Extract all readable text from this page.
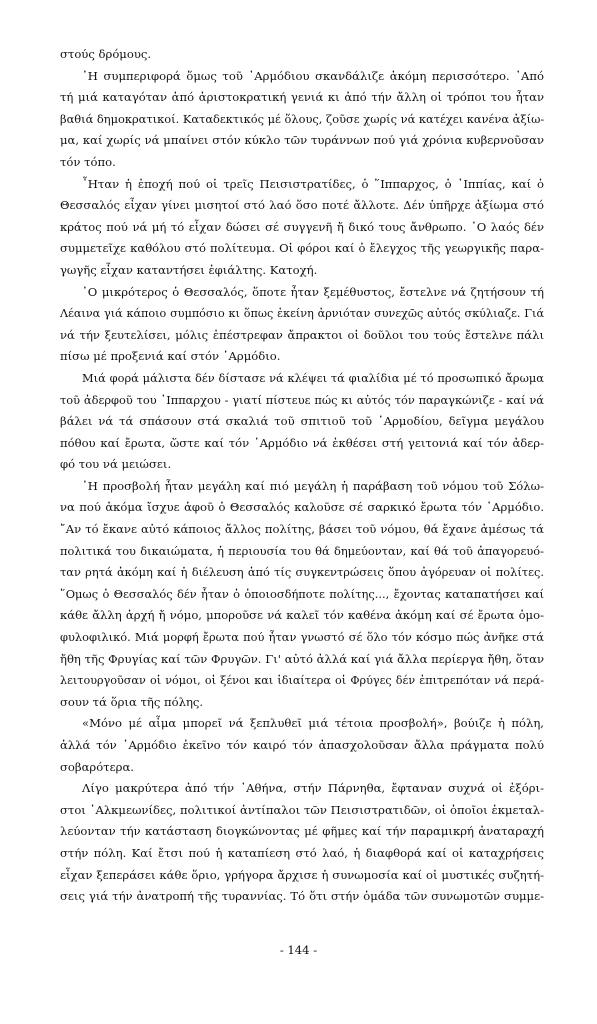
στούς δρόμους.
῾Η συμπεριφορά ὅμως τοῦ ῾Αρμόδιου σκανδάλιζε ἀκόμη περισσότερο. ᾿Από
τή μιά καταγόταν ἀπό ἀριστοκρατική γενιά κι ἀπό τήν ἄλλη οἱ τρόποι του ἦταν
βαθιά δημοκρατικοί. Καταδεκτικός μέ ὅλους, ζοῦσε χωρίς νά κατέχει κανένα ἀξίω-
μα, καί χωρίς νά μπαίνει στόν κύκλο τῶν τυράννων πού γιά χρόνια κυβερνοῦσαν
τόν τόπο.
῏Ηταν ἡ ἐποχή πού οἱ τρεῖς Πεισιστρατίδες, ὁ ῞Ιππαρχος, ὁ ῾Ιππίας, καί ὁ
Θεσσαλός εἶχαν γίνει μισητοί στό λαό ὅσο ποτέ ἄλλοτε. Δέν ὑπῆρχε ἀξίωμα στό
κράτος πού νά μή τό εἶχαν δώσει σέ συγγενῆ ἤ δικό τους ἄνθρωπο. ῾Ο λαός δέν
συμμετεῖχε καθόλου στό πολίτευμα. Οἱ φόροι καί ὁ ἔλεγχος τῆς γεωργικῆς παρα-
γωγῆς εἶχαν καταντήσει ἐφιάλτης. Κατοχή.
῾Ο μικρότερος ὁ Θεσσαλός, ὅποτε ἦταν ξεμέθυστος, ἔστελνε νά ζητήσουν τή
Λέαινα γιά κάποιο συμπόσιο κι ὅπως ἐκείνη ἀρνιόταν συνεχῶς αὐτός σκύλιαζε. Γιά
νά τήν ξευτελίσει, μόλις ἐπέστρεφαν ἄπρακτοι οἱ δοῦλοι του τούς ἔστελνε πάλι
πίσω μέ προξενιά καί στόν ῾Αρμόδιο.
Μιά φορά μάλιστα δέν δίστασε νά κλέψει τά φιαλίδια μέ τό προσωπικό ἄρωμα
τοῦ ἀδερφοῦ του ῾Ιππαρχου - γιατί πίστευε πώς κι αὐτός τόν παραγκώνιζε - καί νά
βάλει νά τά σπάσουν στά σκαλιά τοῦ σπιτιοῦ τοῦ ῾Αρμοδίου, δεῖγμα μεγάλου
πόθου καί ἔρωτα, ὥστε καί τόν ῾Αρμόδιο νά ἐκθέσει στή γειτονιά καί τόν ἀδερ-
φό του νά μειώσει.
῾Η προσβολή ἦταν μεγάλη καί πιό μεγάλη ἡ παράβαση τοῦ νόμου τοῦ Σόλω-
να πού ἀκόμα ἴσχυε ἀφοῦ ὁ Θεσσαλός καλοῦσε σέ σαρκικό ἔρωτα τόν ῾Αρμόδιο.
῎Αν τό ἔκανε αὐτό κάποιος ἄλλος πολίτης, βάσει τοῦ νόμου, θά ἔχανε ἀμέσως τά
πολιτικά του δικαιώματα, ἡ περιουσία του θά δημεύονταν, καί θά τοῦ ἀπαγορευό-
ταν ρητά ἀκόμη καί ἡ διέλευση ἀπό τίς συγκεντρώσεις ὅπου ἀγόρευαν οἱ πολίτες.
῞Ομως ὁ Θεσσαλός δέν ἦταν ὁ ὁποιοσδήποτε πολίτης..., ἔχοντας καταπατήσει καί
κάθε ἄλλη ἀρχή ἤ νόμο, μποροῦσε νά καλεῖ τόν καθένα ἀκόμη καί σέ ἔρωτα ὁμο-
φυλοφιλικό. Μιά μορφή ἔρωτα πού ἦταν γνωστό σέ ὅλο τόν κόσμο πώς ἀνῆκε στά
ἤθη τῆς Φρυγίας καί τῶν Φρυγῶν. Γι' αὐτό ἀλλά καί γιά ἄλλα περίεργα ἤθη, ὅταν
λειτουργοῦσαν οἱ νόμοι, οἱ ξένοι και ἰδιαίτερα οἱ Φρύγες δέν ἐπιτρεπόταν νά περά-
σουν τά ὅρια τῆς πόλης.
«Μόνο μέ αἷμα μπορεῖ νά ξεπλυθεῖ μιά τέτοια προσβολή», βούιζε ἡ πόλη,
ἀλλά τόν ῾Αρμόδιο ἐκεῖνο τόν καιρό τόν ἀπασχολοῦσαν ἄλλα πράγματα πολύ
σοβαρότερα.
Λίγο μακρύτερα ἀπό τήν ᾿Αθήνα, στήν Πάρνηθα, ἔφταναν συχνά οἱ ἐξόρι-
στοι ᾿Αλκμεωνίδες, πολιτικοί ἀντίπαλοι τῶν Πεισιστρατιδῶν, οἱ ὁποῖοι ἐκμεταλ-
λεύονταν τήν κατάσταση διογκώνοντας μέ φῆμες καί τήν παραμικρή ἀναταραχή
στήν πόλη. Καί ἔτσι πού ἡ καταπίεση στό λαό, ἡ διαφθορά καί οἱ καταχρήσεις
εἶχαν ξεπεράσει κάθε ὅριο, γρήγορα ἄρχισε ἡ συνωμοσία καί οἱ μυστικές συζητή-
σεις γιά τήν ἀνατροπή τῆς τυραννίας. Τό ὅτι στήν ὁμάδα τῶν συνωμοτῶν συμμε-
- 144 -
